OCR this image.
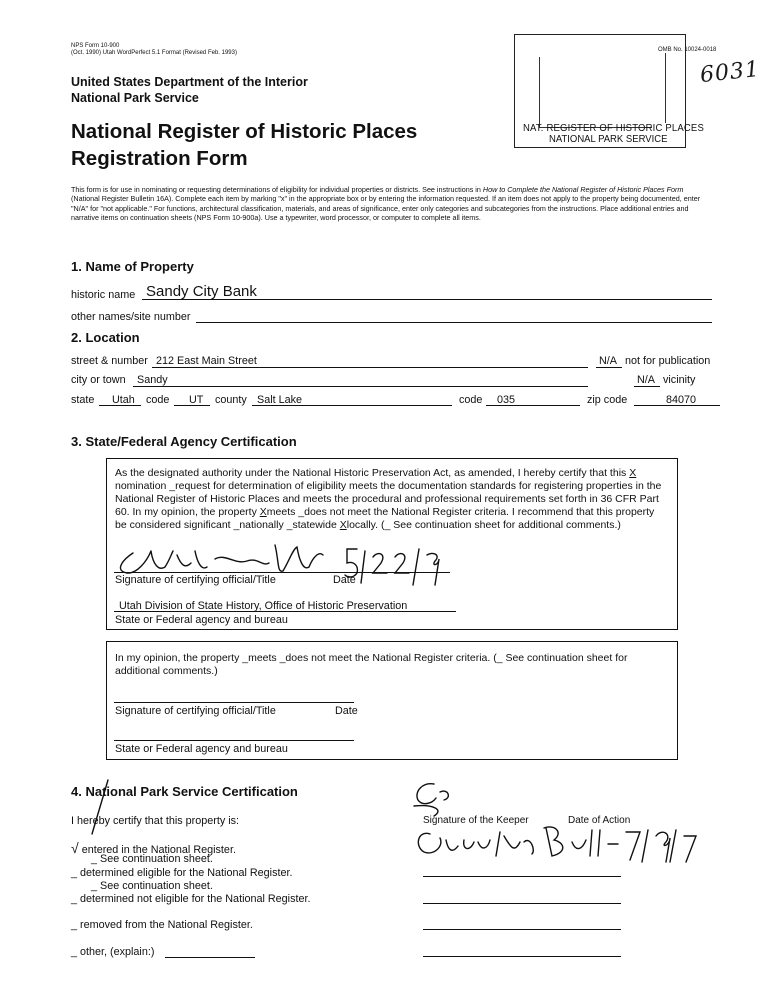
NPS Form 10-900
(Oct. 1990) Utah WordPerfect 5.1 Format (Revised Feb. 1993)	OMB No. 10024-0018
6031
NAT. REGISTER OF HISTORIC PLACES
NATIONAL PARK SERVICE
United States Department of the Interior
National Park Service
National Register of Historic Places
Registration Form
This form is for use in nominating or requesting determinations of eligibility for individual properties or districts. See instructions in How to Complete the National Register of Historic Places Form (National Register Bulletin 16A). Complete each item by marking "x" in the appropriate box or by entering the information requested. If an item does not apply to the property being documented, enter "N/A" for "not applicable." For functions, architectural classification, materials, and areas of significance, enter only categories and subcategories from the instructions. Place additional entries and narrative items on continuation sheets (NPS Form 10-900a). Use a typewriter, word processor, or computer to complete all items.
1. Name of Property
historic name Sandy City Bank
other names/site number
2. Location
street & number 212 East Main Street	N/A not for publication
city or town Sandy	N/A vicinity
state Utah code UT county Salt Lake	code 035	zip code	84070
3. State/Federal Agency Certification
As the designated authority under the National Historic Preservation Act, as amended, I hereby certify that this X nomination _request for determination of eligibility meets the documentation standards for registering properties in the National Register of Historic Places and meets the procedural and professional requirements set forth in 36 CFR Part 60. In my opinion, the property Xmeets _does not meet the National Register criteria. I recommend that this property be considered significant _nationally _statewide Xlocally. (_ See continuation sheet for additional comments.)
Signature of certifying official/Title	Date
Utah Division of State History, Office of Historic Preservation
State or Federal agency and bureau
In my opinion, the property _meets _does not meet the National Register criteria. (_ See continuation sheet for additional comments.)
Signature of certifying official/Title	Date
State or Federal agency and bureau
4. National Park Service Certification
I hereby certify that this property is:	Signature of the Keeper	Date of Action
√ entered in the National Register.
_ See continuation sheet.
_ determined eligible for the National Register.
_ See continuation sheet.
_ determined not eligible for the National Register.
_ removed from the National Register.
_ other, (explain:)
